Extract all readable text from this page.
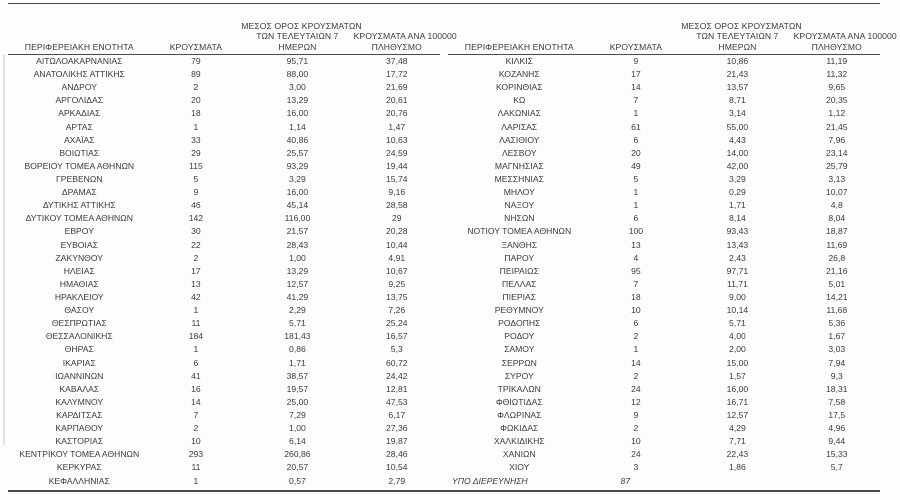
ΠΕΡΙΦΕΡΕΙΑΚΗ ΕΝΟΤΗΤΑ	ΚΡΟΥΣΜΑΤΑ
ΜΕΣΟΣ ΟΡΟΣ ΚΡΟΥΣΜΑΤΩΝ
ΤΩΝ ΤΕΛΕΥΤΑΙΩΝ 7
ΗΜΕΡΩΝ
ΚΡΟΥΣΜΑΤΑ ΑΝΑ 100000
ΠΛΗΘΥΣΜΟ
ΑΙΤΩΛΟΑΚΑΡΝΑΝΙΑΣ	79	95,71	37,48
ΑΝΑΤΟΛΙΚΗΣ ΑΤΤΙΚΗΣ	89	88,00	17,72
ΑΝΔΡΟΥ	2	3,00	21,69
ΑΡΓΟΛΙΔΑΣ	20	13,29	20,61
ΑΡΚΑΔΙΑΣ	18	16,00	20,76
ΑΡΤΑΣ	1	1,14	1,47
ΑΧΑΪΑΣ	33	40,86	10,63
ΒΟΙΩΤΙΑΣ	29	25,57	24,59
ΒΟΡΕΙΟΥ ΤΟΜΕΑ ΑΘΗΝΩΝ	115	93,29	19,44
ΓΡΕΒΕΝΩΝ	5	3,29	15,74
ΔΡΑΜΑΣ	9	16,00	9,16
ΔΥΤΙΚΗΣ ΑΤΤΙΚΗΣ	46	45,14	28,58
ΔΥΤΙΚΟΥ ΤΟΜΕΑ ΑΘΗΝΩΝ	142	116,00	29
ΕΒΡΟΥ	30	21,57	20,28
ΕΥΒΟΙΑΣ	22	28,43	10,44
ΖΑΚΥΝΘΟΥ	2	1,00	4,91
ΗΛΕΙΑΣ	17	13,29	10,67
ΗΜΑΘΙΑΣ	13	12,57	9,25
ΗΡΑΚΛΕΙΟΥ	42	41,29	13,75
ΘΑΣΟΥ	1	2,29	7,26
ΘΕΣΠΡΩΤΙΑΣ	11	5,71	25,24
ΘΕΣΣΑΛΟΝΙΚΗΣ	184	181,43	16,57
ΘΗΡΑΣ	1	0,86	5,3
ΙΚΑΡΙΑΣ	6	1,71	60,72
ΙΩΑΝΝΙΝΩΝ	41	38,57	24,42
ΚΑΒΑΛΑΣ	16	19,57	12,81
ΚΑΛΥΜΝΟΥ	14	25,00	47,53
ΚΑΡΔΙΤΣΑΣ	7	7,29	6,17
ΚΑΡΠΑΘΟΥ	2	1,00	27,36
ΚΑΣΤΟΡΙΑΣ	10	6,14	19,87
ΚΕΝΤΡΙΚΟΥ ΤΟΜΕΑ ΑΘΗΝΩΝ	293	260,86	28,46
ΚΕΡΚΥΡΑΣ	11	20,57	10,54
ΚΕΦΑΛΛΗΝΙΑΣ	1	0,57	2,79
ΠΕΡΙΦΕΡΕΙΑΚΗ ΕΝΟΤΗΤΑ	ΚΡΟΥΣΜΑΤΑ
ΜΕΣΟΣ ΟΡΟΣ ΚΡΟΥΣΜΑΤΩΝ
ΤΩΝ ΤΕΛΕΥΤΑΙΩΝ 7
ΗΜΕΡΩΝ
ΚΡΟΥΣΜΑΤΑ ΑΝΑ 100000
ΠΛΗΘΥΣΜΟ
ΚΙΛΚΙΣ	9	10,86	11,19
ΚΟΖΑΝΗΣ	17	21,43	11,32
ΚΟΡΙΝΘΙΑΣ	14	13,57	9,65
ΚΩ	7	8,71	20,35
ΛΑΚΩΝΙΑΣ	1	3,14	1,12
ΛΑΡΙΣΑΣ	61	55,00	21,45
ΛΑΣΙΘΙΟΥ	6	4,43	7,96
ΛΕΣΒΟΥ	20	14,00	23,14
ΜΑΓΝΗΣΙΑΣ	49	42,00	25,79
ΜΕΣΣΗΝΙΑΣ	5	3,29	3,13
ΜΗΛΟΥ	1	0,29	10,07
ΝΑΞΟΥ	1	1,71	4,8
ΝΗΣΩΝ	6	8,14	8,04
ΝΟΤΙΟΥ ΤΟΜΕΑ ΑΘΗΝΩΝ	100	93,43	18,87
ΞΑΝΘΗΣ	13	13,43	11,69
ΠΑΡΟΥ	4	2,43	26,8
ΠΕΙΡΑΙΩΣ	95	97,71	21,16
ΠΕΛΛΑΣ	7	11,71	5,01
ΠΙΕΡΙΑΣ	18	9,00	14,21
ΡΕΘΥΜΝΟΥ	10	10,14	11,68
ΡΟΔΟΠΗΣ	6	5,71	5,36
ΡΟΔΟΥ	2	4,00	1,67
ΣΑΜΟΥ	1	2,00	3,03
ΣΕΡΡΩΝ	14	15,00	7,94
ΣΥΡΟΥ	2	1,57	9,3
ΤΡΙΚΑΛΩΝ	24	16,00	18,31
ΦΘΙΩΤΙΔΑΣ	12	16,71	7,58
ΦΛΩΡΙΝΑΣ	9	12,57	17,5
ΦΩΚΙΔΑΣ	2	4,29	4,96
ΧΑΛΚΙΔΙΚΗΣ	10	7,71	9,44
ΧΑΝΙΩΝ	24	22,43	15,33
ΧΙΟΥ	3	1,86	5,7
ΥΠΟ ΔΙΕΡΕΥΝΗΣΗ	87
